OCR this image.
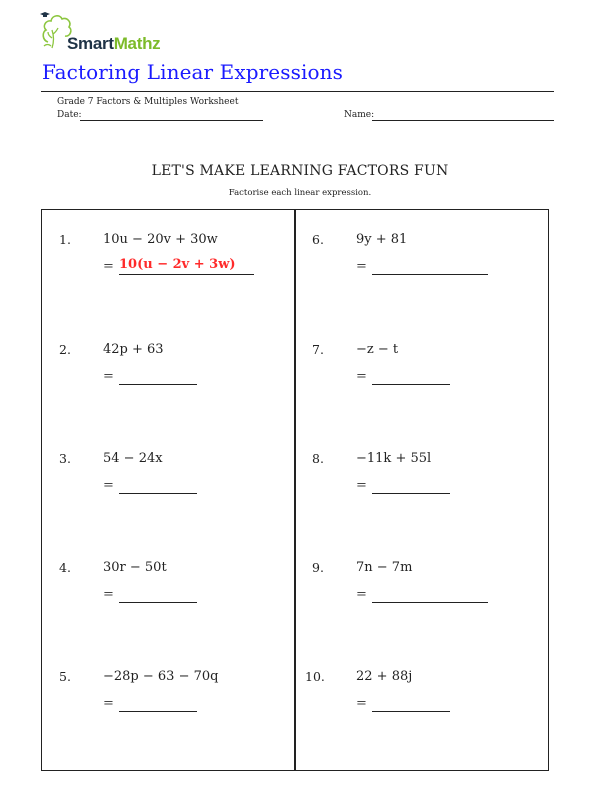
SmartMathz
Factoring Linear Expressions
Grade 7 Factors & Multiples Worksheet
Date:	Name:
LET'S MAKE LEARNING FACTORS FUN
Factorise each linear expression.
1. 10u − 20v + 30w
= 10(u − 2v + 3w)
2. 42p + 63
=
3. 54 − 24x
=
4. 30r − 50t
=
5. −28p − 63 − 70q
=
6. 9y + 81
=
7. −z − t
=
8. −11k + 55l
=
9. 7n − 7m
=
10. 22 + 88j
=
